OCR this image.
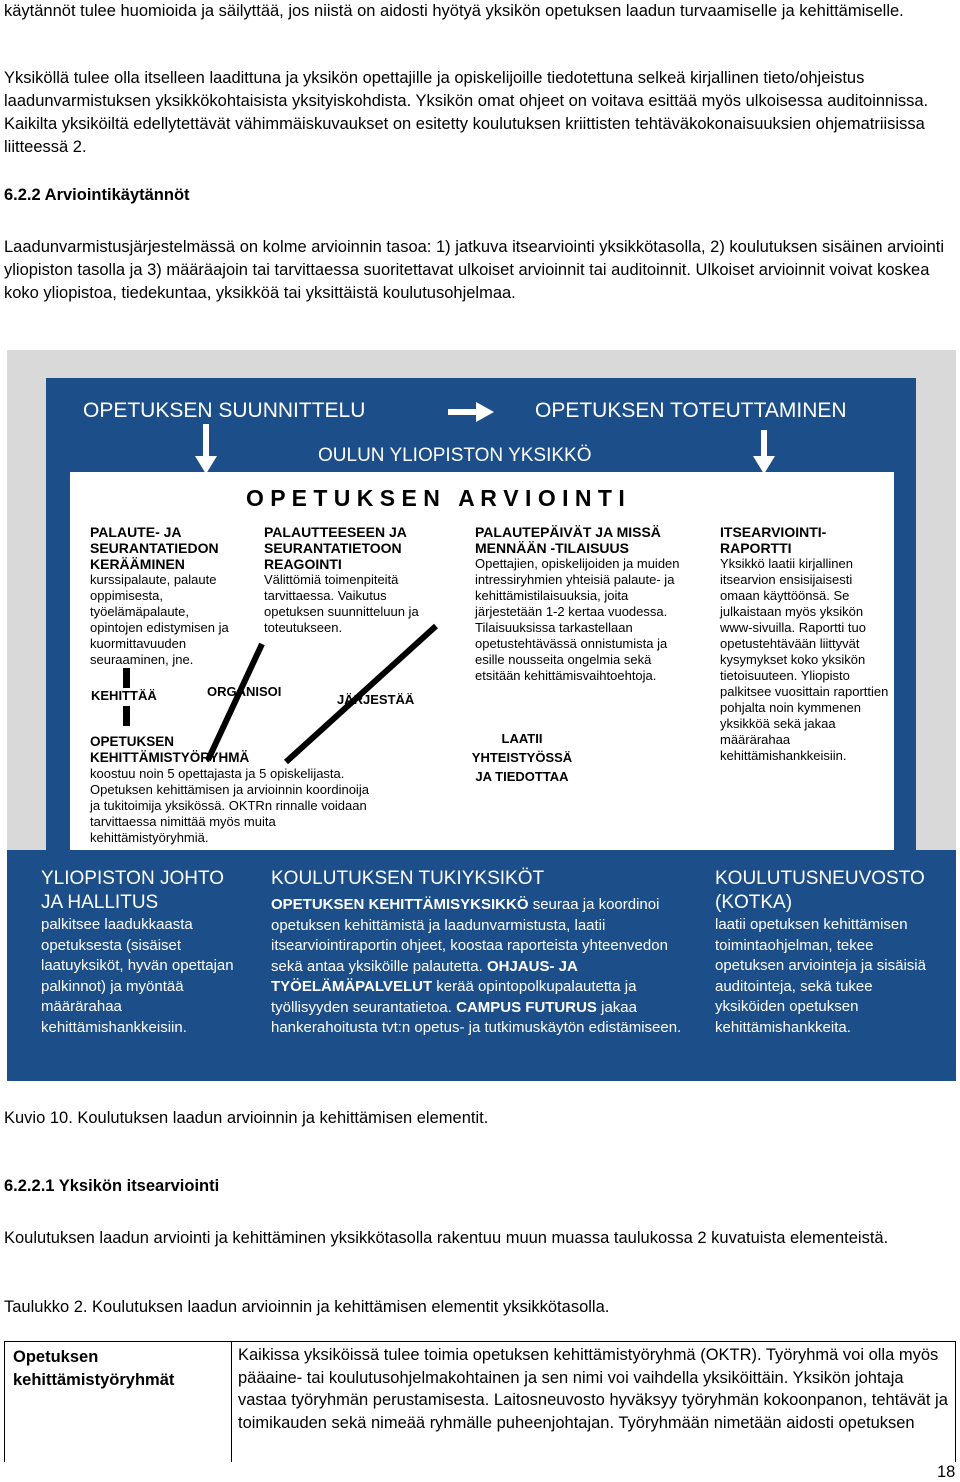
käytännöt tulee huomioida ja säilyttää, jos niistä on aidosti hyötyä yksikön opetuksen laadun turvaamiselle ja kehittämiselle.

Yksiköllä tulee olla itselleen laadittuna ja yksikön opettajille ja opiskelijoille tiedotettuna selkeä kirjallinen tieto/ohjeistus laadunvarmistuksen yksikkökohtaisista yksityiskohdista. Yksikön omat ohjeet on voitava esittää myös ulkoisessa auditoinnissa. Kaikilta yksiköiltä edellytettävät vähimmäiskuvaukset on esitetty koulutuksen kriittisten tehtäväkokonaisuuksien ohjematriisissa liitteessä 2.

6.2.2 Arviointikäytännöt

Laadunvarmistusjärjestelmässä on kolme arvioinnin tasoa: 1) jatkuva itsearviointi yksikkötasolla, 2) koulutuksen sisäinen arviointi yliopiston tasolla ja 3) määräajoin tai tarvittaessa suoritettavat ulkoiset arvioinnit tai auditoinnit. Ulkoiset arvioinnit voivat koskea koko yliopistoa, tiedekuntaa, yksikköä tai yksittäistä koulutusohjelmaa.

OPETUKSEN SUUNNITTELU	OPETUKSEN TOTEUTTAMINEN
OULUN YLIOPISTON YKSIKKÖ
O P E T U K S E N   A R V I O I N T I
PALAUTE- JA SEURANTATIEDON KERÄÄMINEN
kurssipalaute, palaute oppimisesta, työelämäpalaute, opintojen edistymisen ja kuormittavuuden seuraaminen, jne.
PALAUTTEESEEN JA SEURANTATIETOON REAGOINTI
Välittömiä toimenpiteitä tarvittaessa. Vaikutus opetuksen suunnitteluun ja toteutukseen.
PALAUTEPÄIVÄT JA MISSÄ MENNÄÄN -TILAISUUS
Opettajien, opiskelijoiden ja muiden intressiryhmien yhteisiä palaute- ja kehittämistilaisuuksia, joita järjestetään 1-2 kertaa vuodessa. Tilaisuuksissa tarkastellaan opetustehtävässä onnistumista ja esille nousseita ongelmia sekä etsitään kehittämisvaihtoehtoja.
ITSEARVIOINTI- RAPORTTI
Yksikkö laatii kirjallinen itsearvion ensisijaisesti omaan käyttöönsä. Se julkaistaan myös yksikön www-sivuilla. Raportti tuo opetustehtävään liittyvät kysymykset koko yksikön tietoisuuteen. Yliopisto palkitsee vuosittain raporttien pohjalta noin kymmenen yksikköä sekä jakaa määrärahaa kehittämishankkeisiin.
KEHITTÄÄ	ORGANISOI
JÄRJESTÄÄ
LAATII YHTEISTYÖSSÄ JA TIEDOTTAA
OPETUKSEN KEHITTÄMISTYÖRYHMÄ
koostuu noin 5 opettajasta ja 5 opiskelijasta. Opetuksen kehittämisen ja arvioinnin koordinoija ja tukitoimija yksikössä. OKTRn rinnalle voidaan tarvittaessa nimittää myös muita kehittämistyöryhmiä.
YLIOPISTON JOHTO JA HALLITUS
palkitsee laadukkaasta opetuksesta (sisäiset laatuyksiköt, hyvän opettajan palkinnot) ja myöntää määrärahaa kehittämishankkeisiin.
KOULUTUKSEN TUKIYKSIKÖT
OPETUKSEN KEHITTÄMISYKSIKKÖ seuraa ja koordinoi opetuksen kehittämistä ja laadunvarmistusta, laatii itsearviointiraportin ohjeet, koostaa raporteista yhteenvedon sekä antaa yksiköille palautetta. OHJAUS- JA TYÖELÄMÄPALVELUT kerää opintopolkupalautetta ja työllisyyden seurantatietoa. CAMPUS FUTURUS jakaa hankerahoitusta tvt:n opetus- ja tutkimuskäytön edistämiseen.
KOULUTUSNEUVOSTO (KOTKA)
laatii opetuksen kehittämisen toimintaohjelman, tekee opetuksen arviointeja ja sisäisiä auditointeja, sekä tukee yksiköiden opetuksen kehittämishankkeita.

Kuvio 10. Koulutuksen laadun arvioinnin ja kehittämisen elementit.

6.2.2.1 Yksikön itsearviointi

Koulutuksen laadun arviointi ja kehittäminen yksikkötasolla rakentuu muun muassa taulukossa 2 kuvatuista elementeistä.

Taulukko 2. Koulutuksen laadun arvioinnin ja kehittämisen elementit yksikkötasolla.

Opetuksen kehittämistyöryhmät
Kaikissa yksiköissä tulee toimia opetuksen kehittämistyöryhmä (OKTR). Työryhmä voi olla myös pääaine- tai koulutusohjelmakohtainen ja sen nimi voi vaihdella yksiköittäin. Yksikön johtaja vastaa työryhmän perustamisesta. Laitosneuvosto hyväksyy työryhmän kokoonpanon, tehtävät ja toimikauden sekä nimeää ryhmälle puheenjohtajan. Työryhmään nimetään aidosti opetuksen
18
